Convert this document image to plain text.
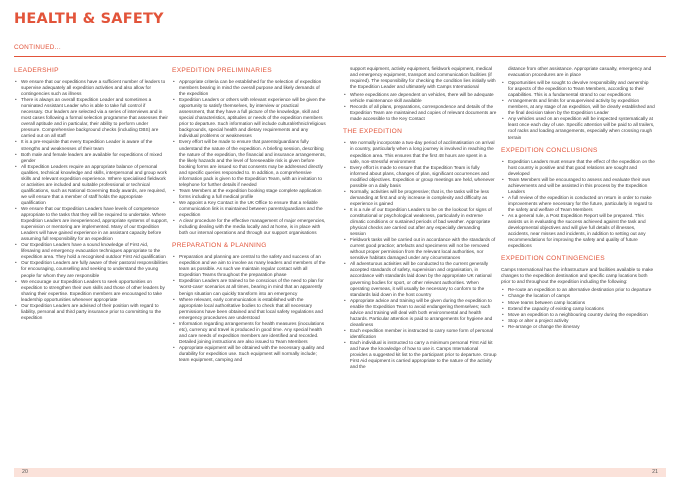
HEALTH & SAFETY
CONTINUED...
LEADERSHIP
• We ensure that our expeditions have a sufficient number of leaders to supervise adequately all expedition activities and also allow for contingencies such as illness
• There is always an overall Expedition Leader and sometimes a nominated Assistant Leader who is able to take full control if necessary. Our leaders are selected via a series of interviews and in most cases following a formal selection programme that assesses their overall aptitude and in particular, their ability to perform under pressure. Comprehensive background checks (including DBS) are carried out on all staff
• It is a pre-requisite that every Expedition Leader is aware of the strengths and weaknesses of their team
• Both male and female leaders are available for expeditions of mixed gender
• All Expedition Leaders require an appropriate balance of personal qualities, technical knowledge and skills, interpersonal and group work skills and relevant expedition experience. Where specialised fieldwork or activities are included and suitable professional or technical qualifications, such as National Governing Body awards, are required, we will ensure that a member of staff holds the appropriate qualification
• We ensure that our Expedition Leaders have levels of competence appropriate to the tasks that they will be required to undertake. Where Expedition Leaders are inexperienced, appropriate systems of support, supervision or mentoring are implemented. Many of our Expedition Leaders will have gained experience in an assistant capacity before assuming full responsibility for an expedition
• Our Expedition Leaders have a sound knowledge of First Aid, lifesaving and emergency evacuation techniques appropriate to the expedition area. They hold a recognised outdoor First Aid qualification
• Our Expedition Leaders are fully aware of their pastoral responsibilities for encouraging, counselling and seeking to understand the young people for whom they are responsible
• We encourage our Expedition Leaders to seek opportunities on expedition to strengthen their own skills and those of other leaders by sharing their expertise. Expedition members are encouraged to take leadership opportunities whenever appropriate
• Our Expedition Leaders are advised of their position with regard to liability, personal and third party insurance prior to committing to the expedition
EXPEDITION PRELIMINARIES
• Appropriate criteria can be established for the selection of expedition members bearing in mind the overall purpose and likely demands of the expedition
• Expedition Leaders or others with relevant experience will be given the opportunity to satisfy themselves, by interview or practical assessment, that they have a full picture of the knowledge, skill and special characteristics, aptitudes or needs of the expedition members prior to departure. Such information will include cultural/ethnic/religious backgrounds, special health and dietary requirements and any individual problems or weaknesses
• Every effort will be made to ensure that parents/guardians fully understand the nature of the expedition. A briefing session, describing the nature of the expedition, the financial and insurance arrangements, the likely hazards and the level of foreseeable risk is given before booking forms are issued so that consents may be addressed directly and specific queries responded to. In addition, a comprehensive information pack is given to the Expedition Team, with an invitation to telephone for further details if needed
• Team Members at the expedition booking stage complete application forms including a full medical profile
• We appoint a Key Contact in the UK Office to ensure that a reliable communication link is maintained between parents/guardians and the expedition
• A clear procedure for the effective management of major emergencies, including dealing with the media locally and at home, is in place with both our internal operations and through our support organisations
PREPARATION & PLANNING
• Preparation and planning are central to the safety and success of an expedition and we aim to involve as many leaders and members of the team as possible. As such we maintain regular contact with all Expedition Teams throughout the preparation phase
• Expedition Leaders are trained to be conscious of the need to plan for 'worst-case' scenarios at all times, bearing in mind that an apparently benign situation can quickly transform into an emergency
• Where relevant, early communication is established with the appropriate local authoritative bodies to check that all necessary permissions have been obtained and that local safety regulations and emergency procedures are understood
• Information regarding arrangements for health measures (inoculations etc), currency and travel is produced in good time. Any special health and care needs of expedition members are identified and recorded. Detailed joining instructions are also issued to Team Members
• Appropriate equipment will be obtained with the necessary quality and durability for expedition use. Such equipment will normally include; team equipment, camping and

support equipment, activity equipment, fieldwork equipment, medical and emergency equipment, transport and communication facilities (if required). The responsibility for checking the condition lies initially with the Expedition Leader and ultimately with Camps International

• Where expeditions are dependent on vehicles, there will be adequate vehicle maintenance skill available
• Records of all plans, preparations, correspondence and details of the Expedition Team are maintained and copies of relevant documents are made accessible to the Key Contact
THE EXPEDITION
• We normally incorporate a two-day period of acclimatisation on arrival in country, particularly when a long journey is involved in reaching the expedition area. This ensures that the first 48 hours are spent in a safe, non-stressful environment
• Every effort is made to ensure that the Expedition Team is fully informed about plans, changes of plan, significant occurrences and modified objectives. Expedition or group meetings are held, whenever possible on a daily basis
• Normally, activities will be progressive; that is, the tasks will be less demanding at first and only increase in complexity and difficulty as experience is gained
• It is a rule of our Expedition Leaders to be on the lookout for signs of constitutional or psychological weakness, particularly in extreme climatic conditions or sustained periods of bad weather. Appropriate physical checks are carried out after any especially demanding session
• Fieldwork tasks will be carried out in accordance with the standards of current good practice; artefacts and specimens will not be removed without proper permission from the relevant local authorities, nor sensitive habitats damaged under any circumstances
• All adventurous activities will be conducted to the current generally accepted standards of safety, supervision and organisation, in accordance with standards laid down by the appropriate UK national governing bodies for sport, or other relevant authorities. When operating overseas, it will usually be necessary to conform to the standards laid down in the host country
• Appropriate advice and training will be given during the expedition to enable the Expedition Team to avoid endangering themselves; such advice and training will deal with both environmental and health hazards. Particular attention is paid to arrangements for hygiene and cleanliness
• Each expedition member is instructed to carry some form of personal identification
• Each individual is instructed to carry a minimum personal First Aid kit and have the knowledge of how to use it. Camps International provides a suggested kit list to the participant prior to departure. Group First Aid equipment is carried appropriate to the nature of the activity and the

distance from other assistance. Appropriate casualty, emergency and evacuation procedures are in place

• Opportunities will be sought to devolve responsibility and ownership for aspects of the expedition to Team Members, according to their capabilities. This is a fundamental strand to our expeditions
• Arrangements and limits for unsupervised activity by expedition members, at any stage of an expedition, will be clearly established and the final decision taken by the Expedition Leader
• Any vehicles used on an expedition will be inspected systematically at least once each day of use. Specific attention will be paid to all trailers, roof racks and loading arrangements, especially when crossing rough terrain
EXPEDITION CONCLUSIONS
• Expedition Leaders must ensure that the effect of the expedition on the host country is positive and that good relations are sought and developed
• Team Members will be encouraged to assess and evaluate their own achievements and will be assisted in this process by the Expedition Leaders
• A full review of the expedition is conducted on return in order to make improvements where necessary for the future, particularly in regard to the safety and welfare of Team Members
• As a general rule, a Post Expedition Report will be prepared. This assists us in evaluating the success achieved against the task and developmental objectives and will give full details of illnesses, accidents, near misses and incidents, in addition to setting out any recommendations for improving the safety and quality of future expeditions
EXPEDITION CONTINGENCIES

Camps International has the infrastructure and facilities available to make changes to the expedition destination and specific camp locations both prior to and throughout the expedition including the following:

• Re-route an expedition to an alternative destination prior to departure
• Change the location of camps
• Move teams between camp locations
• Extend the capacity of existing camp locations
• Move an expedition to a neighbouring country during the expedition
• Stop or alter a project activity
• Re-arrange or change the itinerary
20	21
